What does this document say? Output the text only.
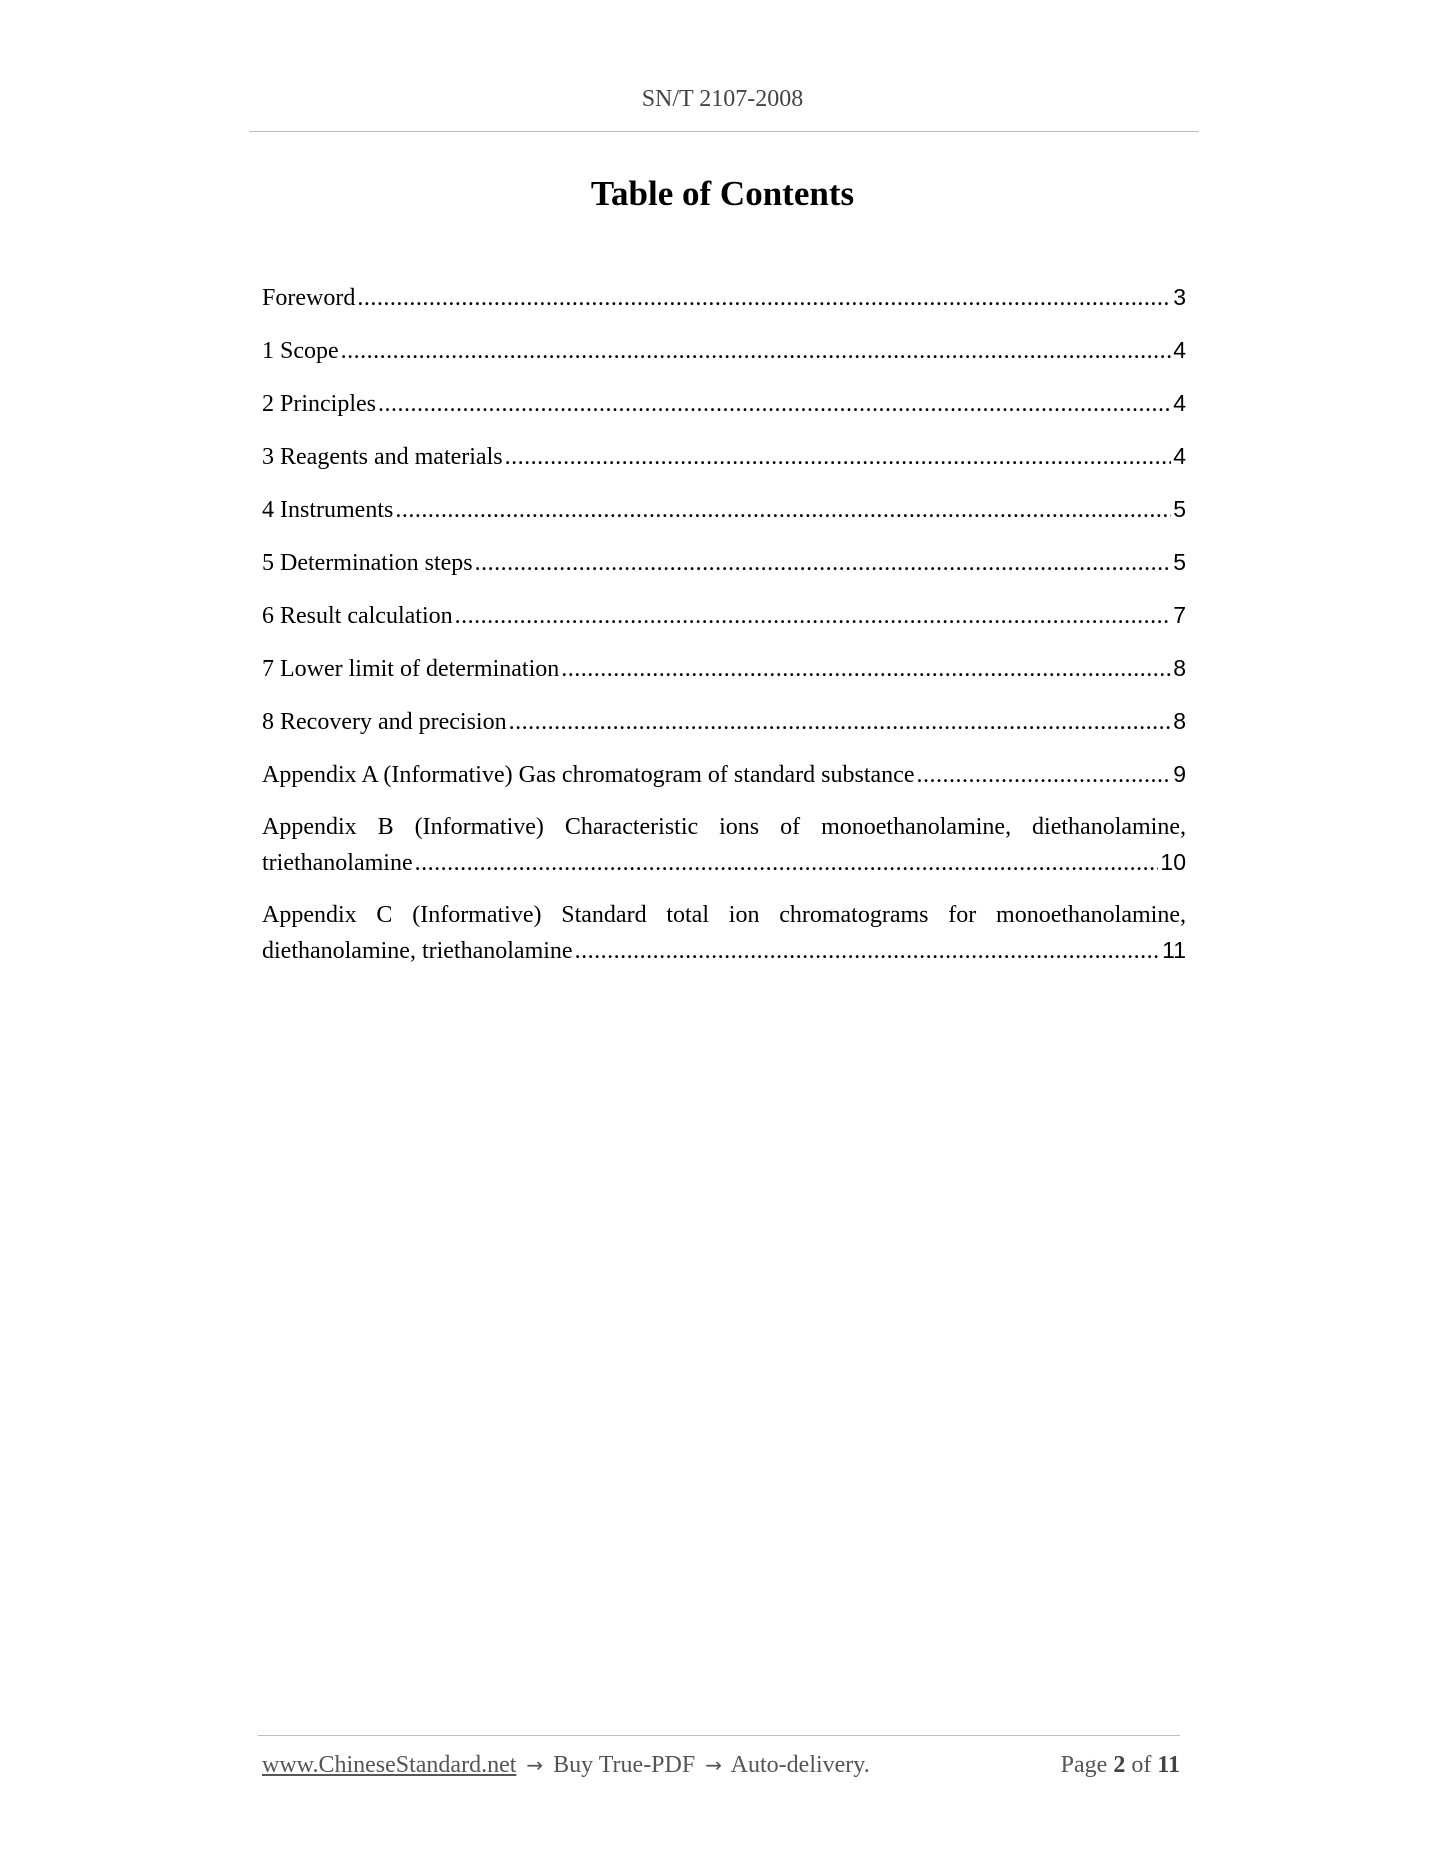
SN/T 2107-2008
Table of Contents
Foreword .....	3
1 Scope .....	4
2 Principles .....	4
3 Reagents and materials .....	4
4 Instruments .....	5
5 Determination steps .....	5
6 Result calculation .....	7
7 Lower limit of determination .....	8
8 Recovery and precision .....	8
Appendix A (Informative) Gas chromatogram of standard substance .....	9
Appendix B (Informative) Characteristic ions of monoethanolamine, diethanolamine,
triethanolamine .....	10
Appendix C (Informative) Standard total ion chromatograms for monoethanolamine,
diethanolamine, triethanolamine .....	11
www.ChineseStandard.net → Buy True-PDF → Auto-delivery.	Page 2 of 11
